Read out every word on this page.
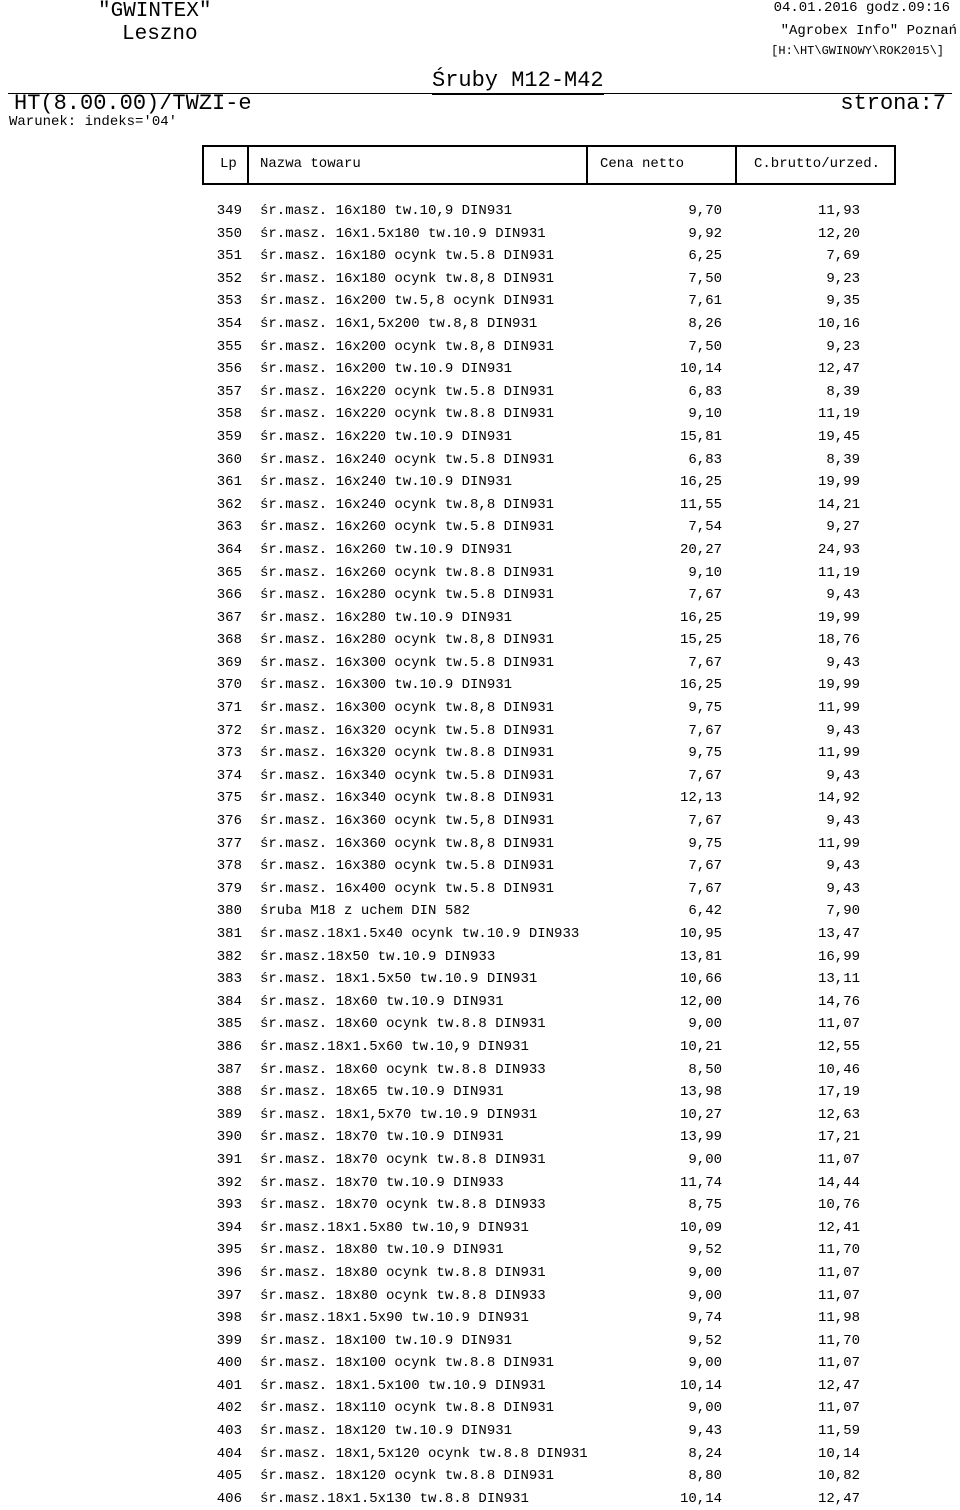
"GWINTEX"
Leszno
04.01.2016 godz.09:16
"Agrobex Info" Poznań
[H:\HT\GWINOWY\ROK2015\]
Śruby M12-M42
HT(8.00.00)/TWZI-e	strona:7
Warunek: indeks='04'
Lp Nazwa towaru	Cena netto	C.brutto/urzed.
349 śr.masz. 16x180 tw.10,9 DIN931	9,70	11,93
350 śr.masz. 16x1.5x180 tw.10.9 DIN931	9,92	12,20
351 śr.masz. 16x180 ocynk tw.5.8 DIN931	6,25	7,69
352 śr.masz. 16x180 ocynk tw.8,8 DIN931	7,50	9,23
353 śr.masz. 16x200 tw.5,8 ocynk DIN931	7,61	9,35
354 śr.masz. 16x1,5x200 tw.8,8 DIN931	8,26	10,16
355 śr.masz. 16x200 ocynk tw.8,8 DIN931	7,50	9,23
356 śr.masz. 16x200 tw.10.9 DIN931	10,14	12,47
357 śr.masz. 16x220 ocynk tw.5.8 DIN931	6,83	8,39
358 śr.masz. 16x220 ocynk tw.8.8 DIN931	9,10	11,19
359 śr.masz. 16x220 tw.10.9 DIN931	15,81	19,45
360 śr.masz. 16x240 ocynk tw.5.8 DIN931	6,83	8,39
361 śr.masz. 16x240 tw.10.9 DIN931	16,25	19,99
362 śr.masz. 16x240 ocynk tw.8,8 DIN931	11,55	14,21
363 śr.masz. 16x260 ocynk tw.5.8 DIN931	7,54	9,27
364 śr.masz. 16x260 tw.10.9 DIN931	20,27	24,93
365 śr.masz. 16x260 ocynk tw.8.8 DIN931	9,10	11,19
366 śr.masz. 16x280 ocynk tw.5.8 DIN931	7,67	9,43
367 śr.masz. 16x280 tw.10.9 DIN931	16,25	19,99
368 śr.masz. 16x280 ocynk tw.8,8 DIN931	15,25	18,76
369 śr.masz. 16x300 ocynk tw.5.8 DIN931	7,67	9,43
370 śr.masz. 16x300 tw.10.9 DIN931	16,25	19,99
371 śr.masz. 16x300 ocynk tw.8,8 DIN931	9,75	11,99
372 śr.masz. 16x320 ocynk tw.5.8 DIN931	7,67	9,43
373 śr.masz. 16x320 ocynk tw.8.8 DIN931	9,75	11,99
374 śr.masz. 16x340 ocynk tw.5.8 DIN931	7,67	9,43
375 śr.masz. 16x340 ocynk tw.8.8 DIN931	12,13	14,92
376 śr.masz. 16x360 ocynk tw.5,8 DIN931	7,67	9,43
377 śr.masz. 16x360 ocynk tw.8,8 DIN931	9,75	11,99
378 śr.masz. 16x380 ocynk tw.5.8 DIN931	7,67	9,43
379 śr.masz. 16x400 ocynk tw.5.8 DIN931	7,67	9,43
380 śruba M18 z uchem DIN 582	6,42	7,90
381 śr.masz.18x1.5x40 ocynk tw.10.9 DIN933	10,95	13,47
382 śr.masz.18x50 tw.10.9 DIN933	13,81	16,99
383 śr.masz. 18x1.5x50 tw.10.9 DIN931	10,66	13,11
384 śr.masz. 18x60 tw.10.9 DIN931	12,00	14,76
385 śr.masz. 18x60 ocynk tw.8.8 DIN931	9,00	11,07
386 śr.masz.18x1.5x60 tw.10,9 DIN931	10,21	12,55
387 śr.masz. 18x60 ocynk tw.8.8 DIN933	8,50	10,46
388 śr.masz. 18x65 tw.10.9 DIN931	13,98	17,19
389 śr.masz. 18x1,5x70 tw.10.9 DIN931	10,27	12,63
390 śr.masz. 18x70 tw.10.9 DIN931	13,99	17,21
391 śr.masz. 18x70 ocynk tw.8.8 DIN931	9,00	11,07
392 śr.masz. 18x70 tw.10.9 DIN933	11,74	14,44
393 śr.masz. 18x70 ocynk tw.8.8 DIN933	8,75	10,76
394 śr.masz.18x1.5x80 tw.10,9 DIN931	10,09	12,41
395 śr.masz. 18x80 tw.10.9 DIN931	9,52	11,70
396 śr.masz. 18x80 ocynk tw.8.8 DIN931	9,00	11,07
397 śr.masz. 18x80 ocynk tw.8.8 DIN933	9,00	11,07
398 śr.masz.18x1.5x90 tw.10.9 DIN931	9,74	11,98
399 śr.masz. 18x100 tw.10.9 DIN931	9,52	11,70
400 śr.masz. 18x100 ocynk tw.8.8 DIN931	9,00	11,07
401 śr.masz. 18x1.5x100 tw.10.9 DIN931	10,14	12,47
402 śr.masz. 18x110 ocynk tw.8.8 DIN931	9,00	11,07
403 śr.masz. 18x120 tw.10.9 DIN931	9,43	11,59
404 śr.masz. 18x1,5x120 ocynk tw.8.8 DIN931	8,24	10,14
405 śr.masz. 18x120 ocynk tw.8.8 DIN931	8,80	10,82
406 śr.masz.18x1.5x130 tw.8.8 DIN931	10,14	12,47
